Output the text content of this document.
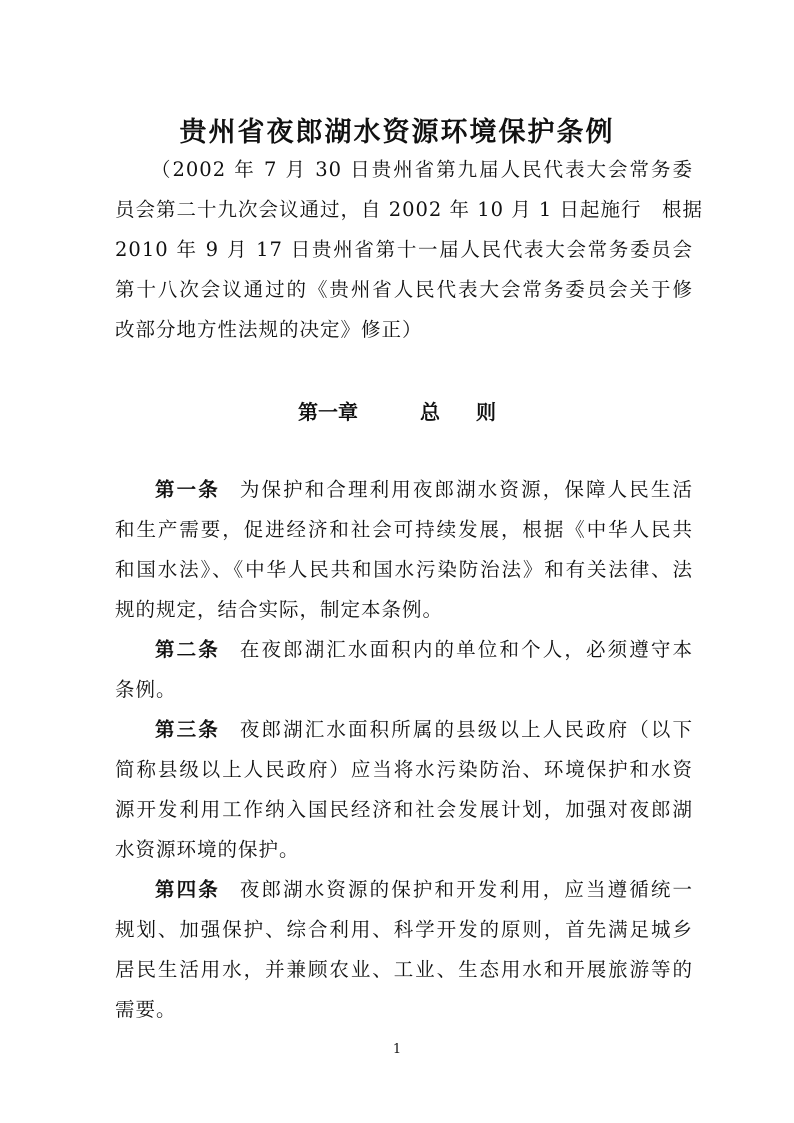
贵州省夜郎湖水资源环境保护条例
（2002 年 7 月 30 日贵州省第九届人民代表大会常务委
员会第二十九次会议通过，自 2002 年 10 月 1 日起施行　根据
2010 年 9 月 17 日贵州省第十一届人民代表大会常务委员会
第十八次会议通过的《贵州省人民代表大会常务委员会关于修
改部分地方性法规的决定》修正）
第一章	总 则
第一条 为保护和合理利用夜郎湖水资源，保障人民生活
和生产需要，促进经济和社会可持续发展，根据《中华人民共
和国水法》、《中华人民共和国水污染防治法》和有关法律、法
规的规定，结合实际，制定本条例。
第二条 在夜郎湖汇水面积内的单位和个人，必须遵守本
条例。
第三条 夜郎湖汇水面积所属的县级以上人民政府（以下
简称县级以上人民政府）应当将水污染防治、环境保护和水资
源开发利用工作纳入国民经济和社会发展计划，加强对夜郎湖
水资源环境的保护。
第四条 夜郎湖水资源的保护和开发利用，应当遵循统一
规划、加强保护、综合利用、科学开发的原则，首先满足城乡
居民生活用水，并兼顾农业、工业、生态用水和开展旅游等的
需要。
1
